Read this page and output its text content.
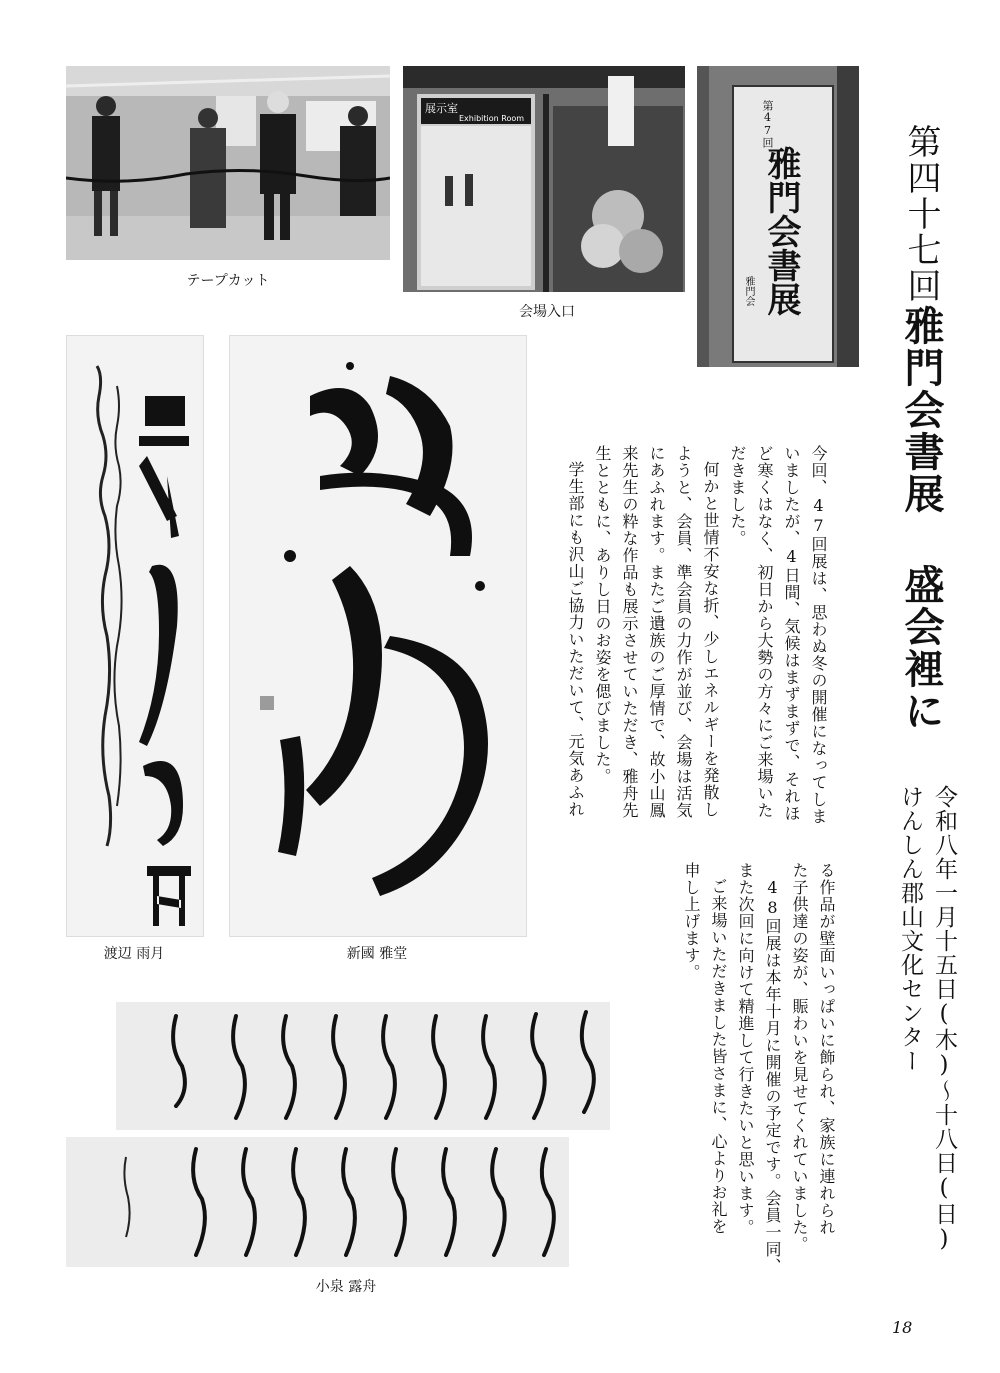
テープカット
展示室
Exhibition Room
会場入口
第47回
雅門会書展
雅門会	第四十七回
雅門会書展 盛会裡に
令和八年一月十五日(木)〜十八日(日)
けんしん郡山文化センター
今回、47回展は、思わぬ冬の開催になってしま
いましたが、4日間、気候はまずまずで、それほ
ど寒くはなく、初日から大勢の方々にご来場いた
だきました。
何かと世情不安な折、少しエネルギーを発散し
ようと、会員、準会員の力作が並び、会場は活気
にあふれます。またご遺族のご厚情で、故小山鳳
来先生の粋な作品も展示させていただき、雅舟先
生とともに、ありし日のお姿を偲びました。
学生部にも沢山ご協力いただいて、元気あふれ
る作品が壁面いっぱいに飾られ、家族に連れられ
た子供達の姿が、賑わいを見せてくれていました。
48回展は本年十月に開催の予定です。会員一同、
また次回に向けて精進して行きたいと思います。
ご来場いただきました皆さまに、心よりお礼を
申し上げます。
渡辺 雨月	新國 雅堂
小泉 露舟
18
